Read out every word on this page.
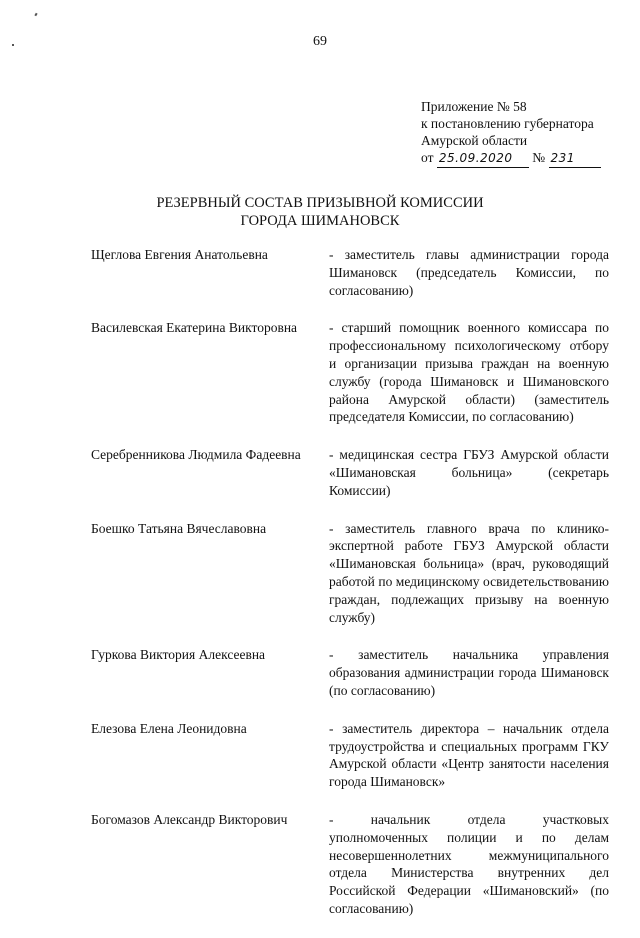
69
Приложение № 58
к постановлению губернатора
Амурской области
от 25.09.2020 № 231
РЕЗЕРВНЫЙ СОСТАВ ПРИЗЫВНОЙ КОМИССИИ
ГОРОДА ШИМАНОВСК
Щеглова Евгения Анатольевна	- заместитель главы администрации города Шимановск (председатель Комиссии, по согласованию)
Василевская Екатерина Викторовна	- старший помощник военного комиссара по профессиональному психологическому отбору и организации призыва граждан на военную службу (города Шимановск и Шимановского района Амурской области) (заместитель председателя Комиссии, по согласованию)
Серебренникова Людмила Фадеевна	- медицинская сестра ГБУЗ Амурской области «Шимановская больница» (секретарь Комиссии)
Боешко Татьяна Вячеславовна	- заместитель главного врача по клинико-экспертной работе ГБУЗ Амурской области «Шимановская больница» (врач, руководящий работой по медицинскому освидетельствованию граждан, подлежащих призыву на военную службу)
Гуркова Виктория Алексеевна	- заместитель начальника управления образования администрации города Шимановск (по согласованию)
Елезова Елена Леонидовна	- заместитель директора – начальник отдела трудоустройства и специальных программ ГКУ Амурской области «Центр занятости населения города Шимановск»
Богомазов Александр Викторович	- начальник отдела участковых уполномоченных полиции и по делам несовершеннолетних межмуниципального отдела Министерства внутренних дел Российской Федерации «Шимановский» (по согласованию)
